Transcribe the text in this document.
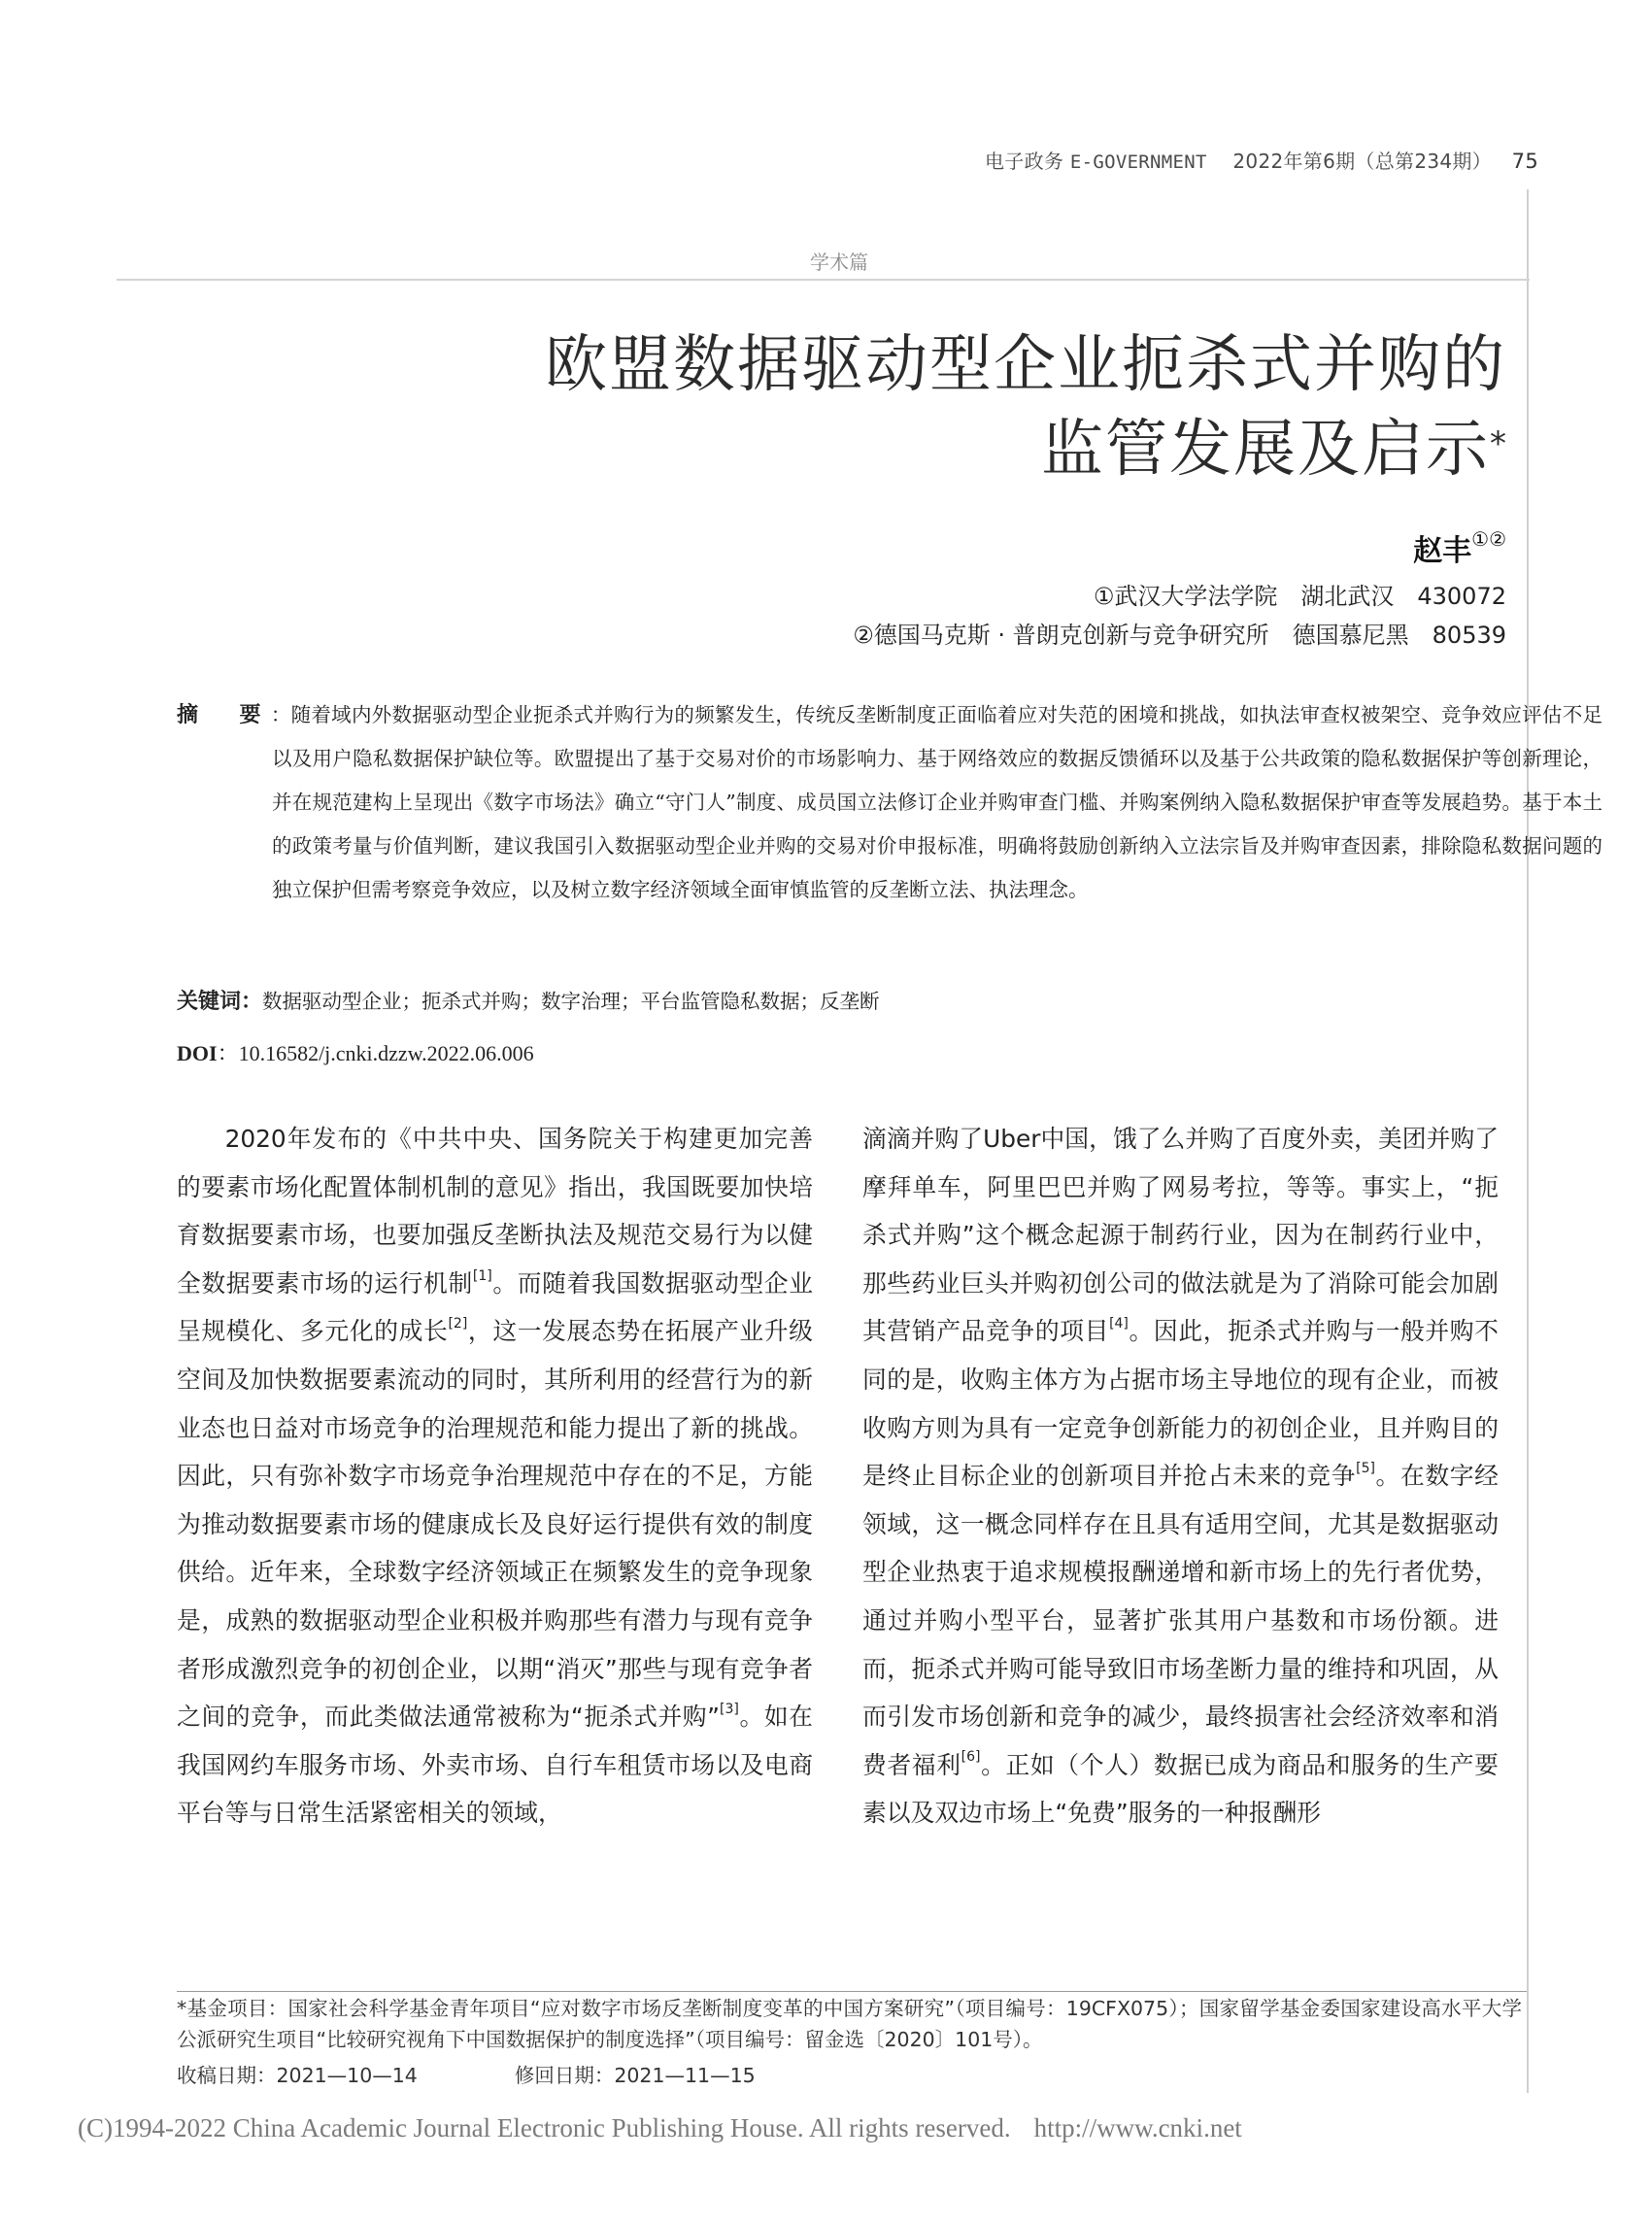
电子政务 E-GOVERNMENT 2022年第6期（总第234期） 75
学术篇
欧盟数据驱动型企业扼杀式并购的
监管发展及启示*
赵丰①②
①武汉大学法学院　湖北武汉　430072
②德国马克斯 · 普朗克创新与竞争研究所　德国慕尼黑　80539
摘　要：随着域内外数据驱动型企业扼杀式并购行为的频繁发生，传统反垄断制度正面临着应对失范的困境和挑战，如执法审查权被架空、竞争效应评估不足以及用户隐私数据保护缺位等。欧盟提出了基于交易对价的市场影响力、基于网络效应的数据反馈循环以及基于公共政策的隐私数据保护等创新理论，并在规范建构上呈现出《数字市场法》确立“守门人”制度、成员国立法修订企业并购审查门槛、并购案例纳入隐私数据保护审查等发展趋势。基于本土的政策考量与价值判断，建议我国引入数据驱动型企业并购的交易对价申报标准，明确将鼓励创新纳入立法宗旨及并购审查因素，排除隐私数据问题的独立保护但需考察竞争效应，以及树立数字经济领域全面审慎监管的反垄断立法、执法理念。
关键词：数据驱动型企业；扼杀式并购；数字治理；平台监管隐私数据；反垄断
DOI：10.16582/j.cnki.dzzw.2022.06.006
2020年发布的《中共中央、国务院关于构建更加完善的要素市场化配置体制机制的意见》指出，我国既要加快培育数据要素市场，也要加强反垄断执法及规范交易行为以健全数据要素市场的运行机制[1]。而随着我国数据驱动型企业呈规模化、多元化的成长[2]，这一发展态势在拓展产业升级空间及加快数据要素流动的同时，其所利用的经营行为的新业态也日益对市场竞争的治理规范和能力提出了新的挑战。因此，只有弥补数字市场竞争治理规范中存在的不足，方能为推动数据要素市场的健康成长及良好运行提供有效的制度供给。近年来，全球数字经济领域正在频繁发生的竞争现象是，成熟的数据驱动型企业积极并购那些有潜力与现有竞争者形成激烈竞争的初创企业，以期“消灭”那些与现有竞争者之间的竞争，而此类做法通常被称为“扼杀式并购”[3]。如在我国网约车服务市场、外卖市场、自行车租赁市场以及电商平台等与日常生活紧密相关的领域，
滴滴并购了Uber中国，饿了么并购了百度外卖，美团并购了摩拜单车，阿里巴巴并购了网易考拉，等等。事实上，“扼杀式并购”这个概念起源于制药行业，因为在制药行业中，那些药业巨头并购初创公司的做法就是为了消除可能会加剧其营销产品竞争的项目[4]。因此，扼杀式并购与一般并购不同的是，收购主体方为占据市场主导地位的现有企业，而被收购方则为具有一定竞争创新能力的初创企业，且并购目的是终止目标企业的创新项目并抢占未来的竞争[5]。在数字经领域，这一概念同样存在且具有适用空间，尤其是数据驱动型企业热衷于追求规模报酬递增和新市场上的先行者优势，通过并购小型平台，显著扩张其用户基数和市场份额。进而，扼杀式并购可能导致旧市场垄断力量的维持和巩固，从而引发市场创新和竞争的减少，最终损害社会经济效率和消费者福利[6]。正如（个人）数据已成为商品和服务的生产要素以及双边市场上“免费”服务的一种报酬形
*基金项目：国家社会科学基金青年项目“应对数字市场反垄断制度变革的中国方案研究”（项目编号：19CFX075）；国家留学基金委国家建设高水平大学公派研究生项目“比较研究视角下中国数据保护的制度选择”（项目编号：留金选〔2020〕101号）。
收稿日期：2021—10—14	修回日期：2021—11—15
(C)1994-2022 China Academic Journal Electronic Publishing House. All rights reserved. http://www.cnki.net
